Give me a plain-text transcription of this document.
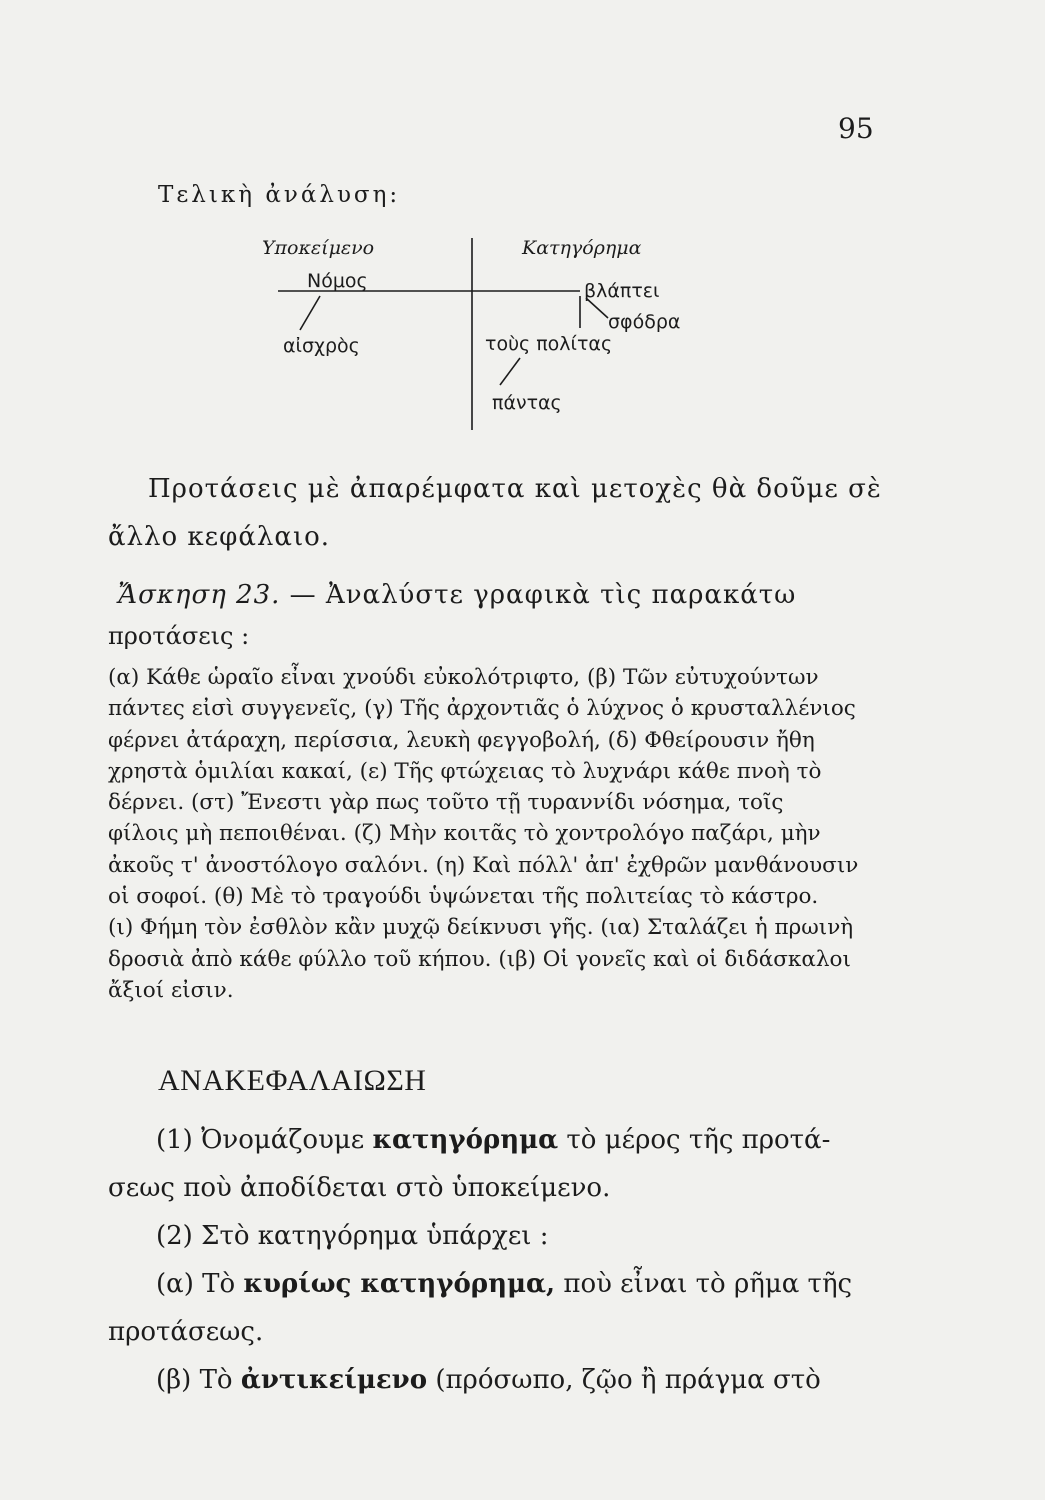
95
Τελικὴ ἀνάλυση:
Υποκείμενο	Κατηγόρημα
Νόμος	βλάπτει
αἰσχρὸς
σφόδρα
τοὺς πολίτας
πάντας
Προτάσεις μὲ ἀπαρέμφατα καὶ μετοχὲς θὰ δοῦμε σὲ
ἄλλο κεφάλαιο.
Ἄσκηση 23. — Ἀναλύστε γραφικὰ τὶς παρακάτω
προτάσεις :
(α) Κάθε ὡραῖο εἶναι χνούδι εὐκολότριφτο, (β) Τῶν εὐτυχούντων
πάντες εἰσὶ συγγενεῖς, (γ) Τῆς ἀρχοντιᾶς ὁ λύχνος ὁ κρυσταλλένιος
φέρνει ἀτάραχη, περίσσια, λευκὴ φεγγοβολή, (δ) Φθείρουσιν ἤθη
χρηστὰ ὁμιλίαι κακαί, (ε) Τῆς φτώχειας τὸ λυχνάρι κάθε πνοὴ τὸ
δέρνει. (στ) Ἔνεστι γὰρ πως τοῦτο τῇ τυραννίδι νόσημα, τοῖς
φίλοις μὴ πεποιθέναι. (ζ) Μὴν κοιτᾶς τὸ χοντρολόγο παζάρι, μὴν
ἀκοῦς τ' ἀνοστόλογο σαλόνι. (η) Καὶ πόλλ' ἀπ' ἐχθρῶν μανθάνουσιν
οἱ σοφοί. (θ) Μὲ τὸ τραγούδι ὑψώνεται τῆς πολιτείας τὸ κάστρο.
(ι) Φήμη τὸν ἐσθλὸν κἂν μυχῷ δείκνυσι γῆς. (ια) Σταλάζει ἡ πρωινὴ
δροσιὰ ἀπὸ κάθε φύλλο τοῦ κήπου. (ιβ) Οἱ γονεῖς καὶ οἱ διδάσκαλοι
ἄξιοί εἰσιν.
ΑΝΑΚΕΦΑΛΑΙΩΣΗ
(1) Ὀνομάζουμε κατηγόρημα τὸ μέρος τῆς προτά-
σεως ποὺ ἀποδίδεται στὸ ὑποκείμενο.
(2) Στὸ κατηγόρημα ὑπάρχει :
(α) Τὸ κυρίως κατηγόρημα, ποὺ εἶναι τὸ ρῆμα τῆς
προτάσεως.
(β) Τὸ ἀντικείμενο (πρόσωπο, ζῷο ἢ πράγμα στὸ
